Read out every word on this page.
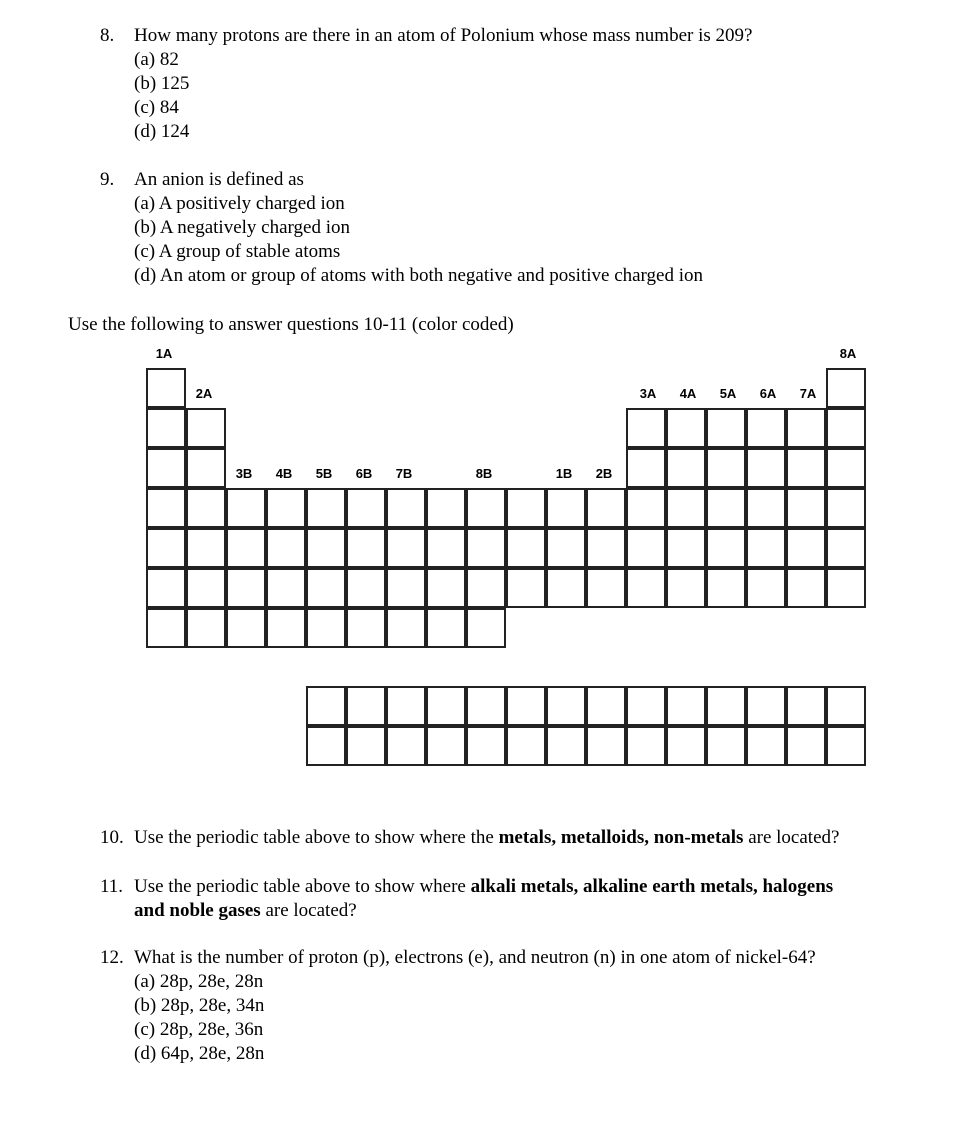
8. How many protons are there in an atom of Polonium whose mass number is 209?
(a) 82
(b) 125
(c) 84
(d) 124
9. An anion is defined as
(a) A positively charged ion
(b) A negatively charged ion
(c) A group of stable atoms
(d) An atom or group of atoms with both negative and positive charged ion
Use the following to answer questions 10-11 (color coded)
1A	8A
2A	3A	4A	5A	6A	7A
3B	4B	5B	6B	7B	8B	1B	2B
10. Use the periodic table above to show where the metals, metalloids, non-metals are located?
11. Use the periodic table above to show where alkali metals, alkaline earth metals, halogens
and noble gases are located?
12. What is the number of proton (p), electrons (e), and neutron (n) in one atom of nickel-64?
(a) 28p, 28e, 28n
(b) 28p, 28e, 34n
(c) 28p, 28e, 36n
(d) 64p, 28e, 28n
